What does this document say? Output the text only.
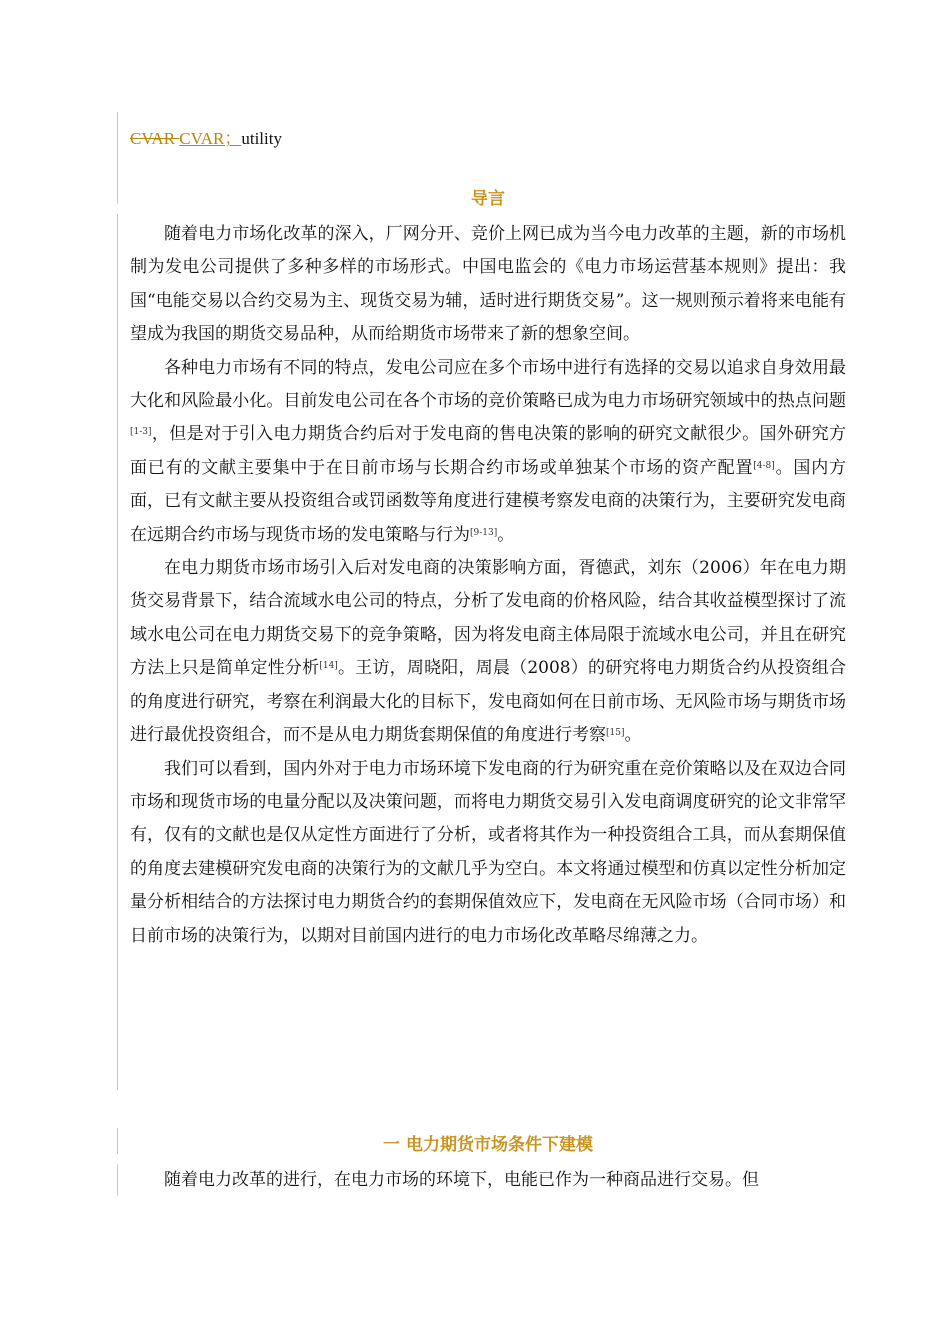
CVAR CVAR；utility
导言

随着电力市场化改革的深入，厂网分开、竞价上网已成为当今电力改革的主题，新的市场机制为发电公司提供了多种多样的市场形式。中国电监会的《电力市场运营基本规则》提出：我国“电能交易以合约交易为主、现货交易为辅，适时进行期货交易”。这一规则预示着将来电能有望成为我国的期货交易品种，从而给期货市场带来了新的想象空间。

各种电力市场有不同的特点，发电公司应在多个市场中进行有选择的交易以追求自身效用最大化和风险最小化。目前发电公司在各个市场的竞价策略已成为电力市场研究领域中的热点问题[1-3]，但是对于引入电力期货合约后对于发电商的售电决策的影响的研究文献很少。国外研究方面已有的文献主要集中于在日前市场与长期合约市场或单独某个市场的资产配置[4-8]。国内方面，已有文献主要从投资组合或罚函数等角度进行建模考察发电商的决策行为，主要研究发电商在远期合约市场与现货市场的发电策略与行为[9-13]。

在电力期货市场市场引入后对发电商的决策影响方面，胥德武，刘东（2006）年在电力期货交易背景下，结合流域水电公司的特点，分析了发电商的价格风险，结合其收益模型探讨了流域水电公司在电力期货交易下的竞争策略，因为将发电商主体局限于流域水电公司，并且在研究方法上只是简单定性分析[14]。王访，周晓阳，周晨（2008）的研究将电力期货合约从投资组合的角度进行研究，考察在利润最大化的目标下，发电商如何在日前市场、无风险市场与期货市场进行最优投资组合，而不是从电力期货套期保值的角度进行考察[15]。

我们可以看到，国内外对于电力市场环境下发电商的行为研究重在竞价策略以及在双边合同市场和现货市场的电量分配以及决策问题，而将电力期货交易引入发电商调度研究的论文非常罕有，仅有的文献也是仅从定性方面进行了分析，或者将其作为一种投资组合工具，而从套期保值的角度去建模研究发电商的决策行为的文献几乎为空白。本文将通过模型和仿真以定性分析加定量分析相结合的方法探讨电力期货合约的套期保值效应下，发电商在无风险市场（合同市场）和日前市场的决策行为，以期对目前国内进行的电力市场化改革略尽绵薄之力。

一 电力期货市场条件下建模

随着电力改革的进行，在电力市场的环境下，电能已作为一种商品进行交易。但
